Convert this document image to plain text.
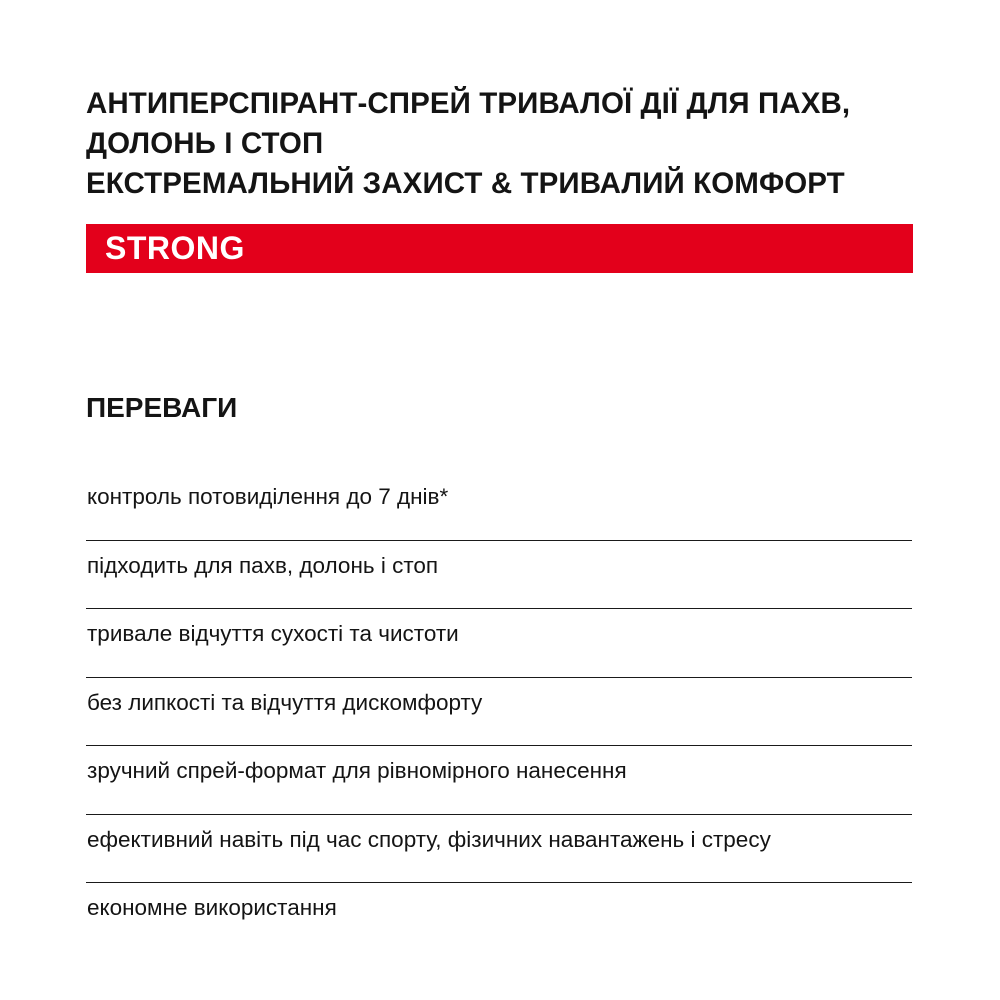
АНТИПЕРСПІРАНТ-СПРЕЙ ТРИВАЛОЇ ДІЇ ДЛЯ ПАХВ,
ДОЛОНЬ І СТОП
ЕКСТРЕМАЛЬНИЙ ЗАХИСТ & ТРИВАЛИЙ КОМФОРТ
STRONG
ПЕРЕВАГИ
контроль потовиділення до 7 днів*
підходить для пахв, долонь і стоп
тривале відчуття сухості та чистоти
без липкості та відчуття дискомфорту
зручний спрей-формат для рівномірного нанесення
ефективний навіть під час спорту, фізичних навантажень і стресу
економне використання
